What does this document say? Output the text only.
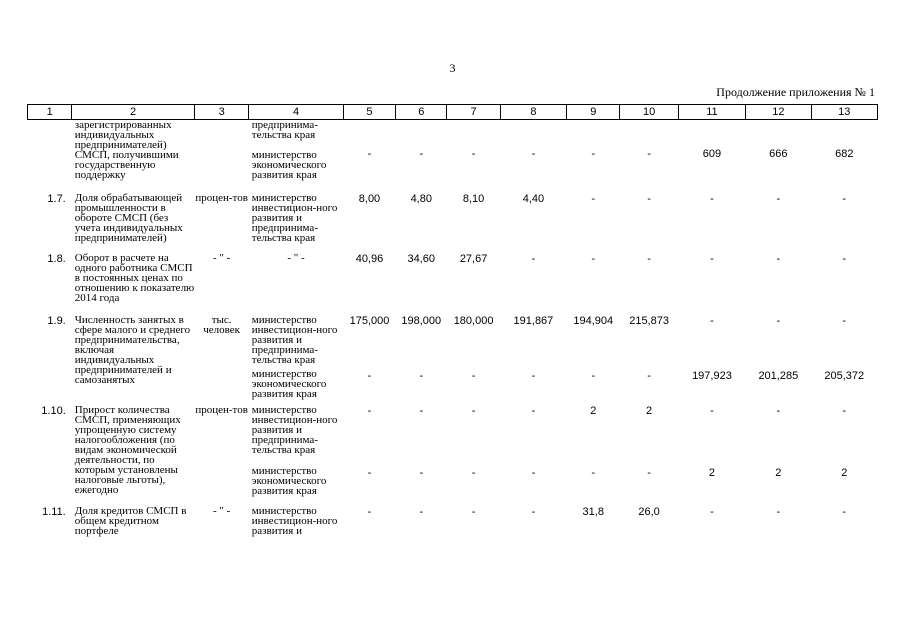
3
Продолжение приложения № 1
1	2	3	4	5	6	7	8	9	10	11	12	13
	зарегистрированных индивидуальных предпринимателей) СМСП, получившими государственную поддержку		предпринима-тельства края									
			министерство экономического развития края	-	-	-	-	-	-	609	666	682
1.7.	Доля обрабатывающей промышленности в обороте СМСП (без учета индивидуальных предпринимателей)	процен-тов	министерство инвестицион-ного развития и предпринима-тельства края	8,00	4,80	8,10	4,40	-	-	-	-	-
1.8.	Оборот в расчете на одного работника СМСП в постоянных ценах по отношению к показателю 2014 года	- " -	- " -	40,96	34,60	27,67	-	-	-	-	-	-
1.9.	Численность занятых в сфере малого и среднего предпринимательства, включая индивидуальных предпринимателей и самозанятых	тыс. человек	министерство инвестицион-ного развития и предпринима-тельства края	175,000	198,000	180,000	191,867	194,904	215,873	-	-	-
			министерство экономического развития края	-	-	-	-	-	-	197,923	201,285	205,372
1.10.	Прирост количества СМСП, применяющих упрощенную систему налогообложения (по видам экономической деятельности, по которым установлены налоговые льготы), ежегодно	процен-тов	министерство инвестицион-ного развития и предпринима-тельства края	-	-	-	-	2	2	-	-	-
			министерство экономического развития края	-	-	-	-	-	-	2	2	2
1.11.	Доля кредитов СМСП в общем кредитном портфеле	- " -	министерство инвестицион-ного развития и	-	-	-	-	31,8	26,0	-	-	-
